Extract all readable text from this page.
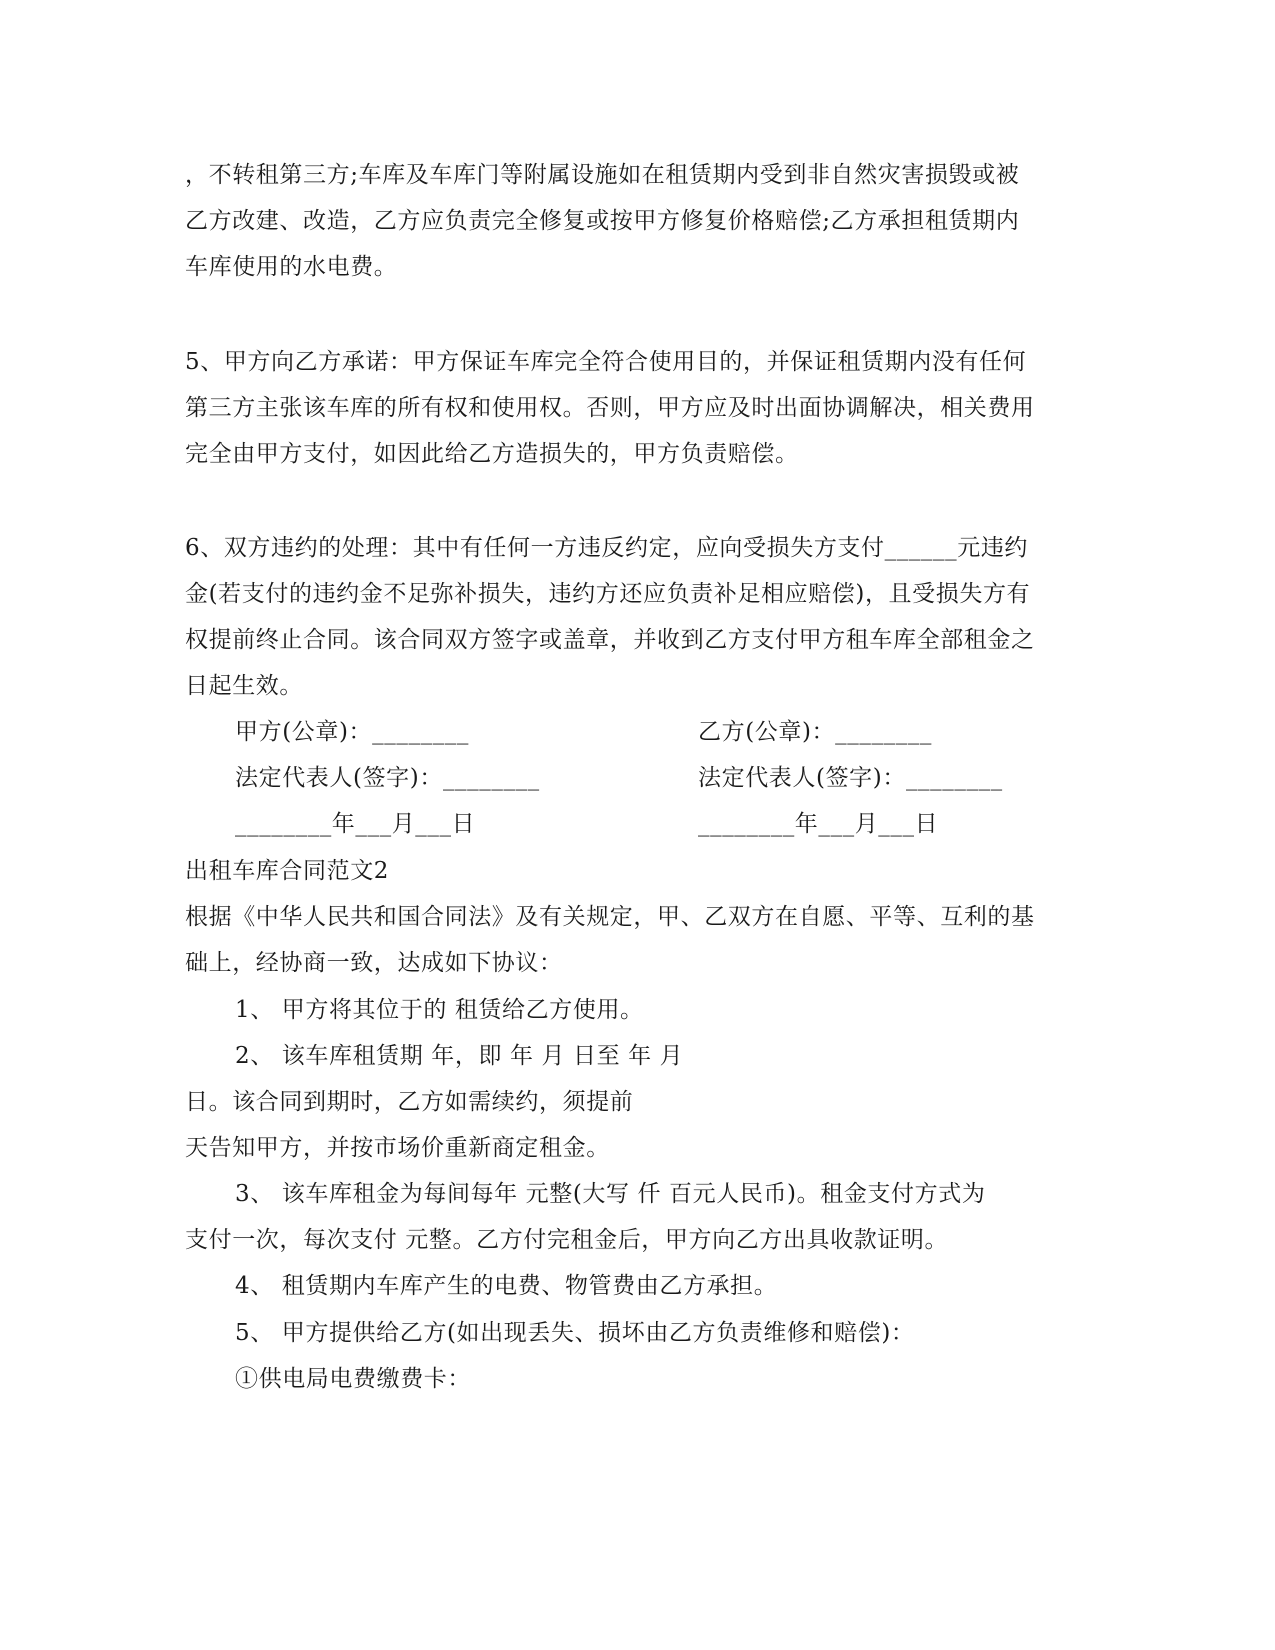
，不转租第三方;车库及车库门等附属设施如在租赁期内受到非自然灾害损毁或被
乙方改建、改造，乙方应负责完全修复或按甲方修复价格赔偿;乙方承担租赁期内
车库使用的水电费。
5、甲方向乙方承诺：甲方保证车库完全符合使用目的，并保证租赁期内没有任何
第三方主张该车库的所有权和使用权。否则，甲方应及时出面协调解决，相关费用
完全由甲方支付，如因此给乙方造损失的，甲方负责赔偿。
6、双方违约的处理：其中有任何一方违反约定，应向受损失方支付______元违约
金(若支付的违约金不足弥补损失，违约方还应负责补足相应赔偿)，且受损失方有
权提前终止合同。该合同双方签字或盖章，并收到乙方支付甲方租车库全部租金之
日起生效。
甲方(公章)：________	乙方(公章)：________
法定代表人(签字)：________	法定代表人(签字)：________
________年___月___日	________年___月___日
出租车库合同范文2
根据《中华人民共和国合同法》及有关规定，甲、乙双方在自愿、平等、互利的基
础上，经协商一致，达成如下协议：
1、 甲方将其位于的 租赁给乙方使用。
2、 该车库租赁期 年，即 年 月 日至 年 月
日。该合同到期时，乙方如需续约，须提前
天告知甲方，并按市场价重新商定租金。
3、 该车库租金为每间每年 元整(大写 仟 百元人民币)。租金支付方式为
支付一次，每次支付 元整。乙方付完租金后，甲方向乙方出具收款证明。
4、 租赁期内车库产生的电费、物管费由乙方承担。
5、 甲方提供给乙方(如出现丢失、损坏由乙方负责维修和赔偿)：
①供电局电费缴费卡：
